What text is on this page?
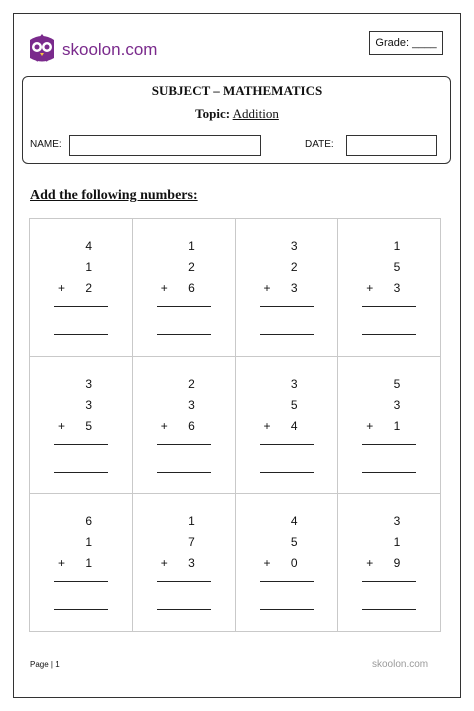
skoolon.com	Grade: ____
SUBJECT – MATHEMATICS
Topic: Addition
NAME:	DATE:
Add the following numbers:
4
1
+	2
1
2
+	6
3
2
+	3
1
5
+	3
3
3
+	5
2
3
+	6
3
5
+	4
5
3
+	1
6
1
+	1
1
7
+	3
4
5
+	0
3
1
+	9
Page | 1	skoolon.com
